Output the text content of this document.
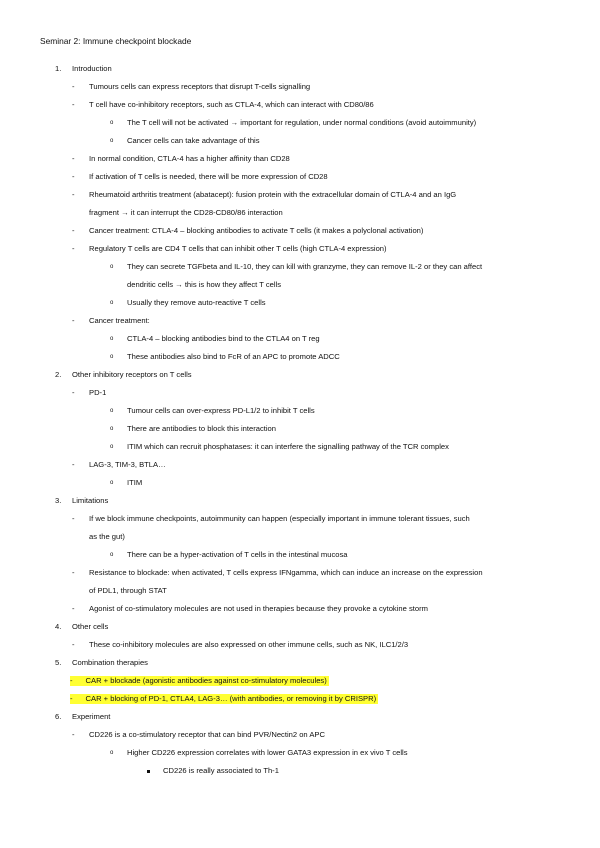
Seminar 2: Immune checkpoint blockade
1. Introduction
- Tumours cells can express receptors that disrupt T-cells signalling
- T cell have co-inhibitory receptors, such as CTLA-4, which can interact with CD80/86
o The T cell will not be activated → important for regulation, under normal conditions (avoid autoimmunity)
o Cancer cells can take advantage of this
- In normal condition, CTLA-4 has a higher affinity than CD28
- If activation of T cells is needed, there will be more expression of CD28
- Rheumatoid arthritis treatment (abatacept): fusion protein with the extracellular domain of CTLA-4 and an IgG
fragment → it can interrupt the CD28-CD80/86 interaction
- Cancer treatment: CTLA-4 – blocking antibodies to activate T cells (it makes a polyclonal activation)
- Regulatory T cells are CD4 T cells that can inhibit other T cells (high CTLA-4 expression)
o They can secrete TGFbeta and IL-10, they can kill with granzyme, they can remove IL-2 or they can affect
dendritic cells → this is how they affect T cells
o Usually they remove auto-reactive T cells
- Cancer treatment:
o CTLA-4 – blocking antibodies bind to the CTLA4 on T reg
o These antibodies also bind to FcR of an APC to promote ADCC
2. Other inhibitory receptors on T cells
- PD-1
o Tumour cells can over-express PD-L1/2 to inhibit T cells
o There are antibodies to block this interaction
o ITIM which can recruit phosphatases: it can interfere the signalling pathway of the TCR complex
- LAG-3, TIM-3, BTLA…
o ITIM
3. Limitations
- If we block immune checkpoints, autoimmunity can happen (especially important in immune tolerant tissues, such
as the gut)
o There can be a hyper-activation of T cells in the intestinal mucosa
- Resistance to blockade: when activated, T cells express IFNgamma, which can induce an increase on the expression
of PDL1, through STAT
- Agonist of co-stimulatory molecules are not used in therapies because they provoke a cytokine storm
4. Other cells
- These co-inhibitory molecules are also expressed on other immune cells, such as NK, ILC1/2/3
5. Combination therapies
- CAR + blockade (agonistic antibodies against co-stimulatory molecules)
- CAR + blocking of PD-1, CTLA4, LAG-3… (with antibodies, or removing it by CRISPR)
6. Experiment
- CD226 is a co-stimulatory receptor that can bind PVR/Nectin2 on APC
o Higher CD226 expression correlates with lower GATA3 expression in ex vivo T cells
CD226 is really associated to Th-1
